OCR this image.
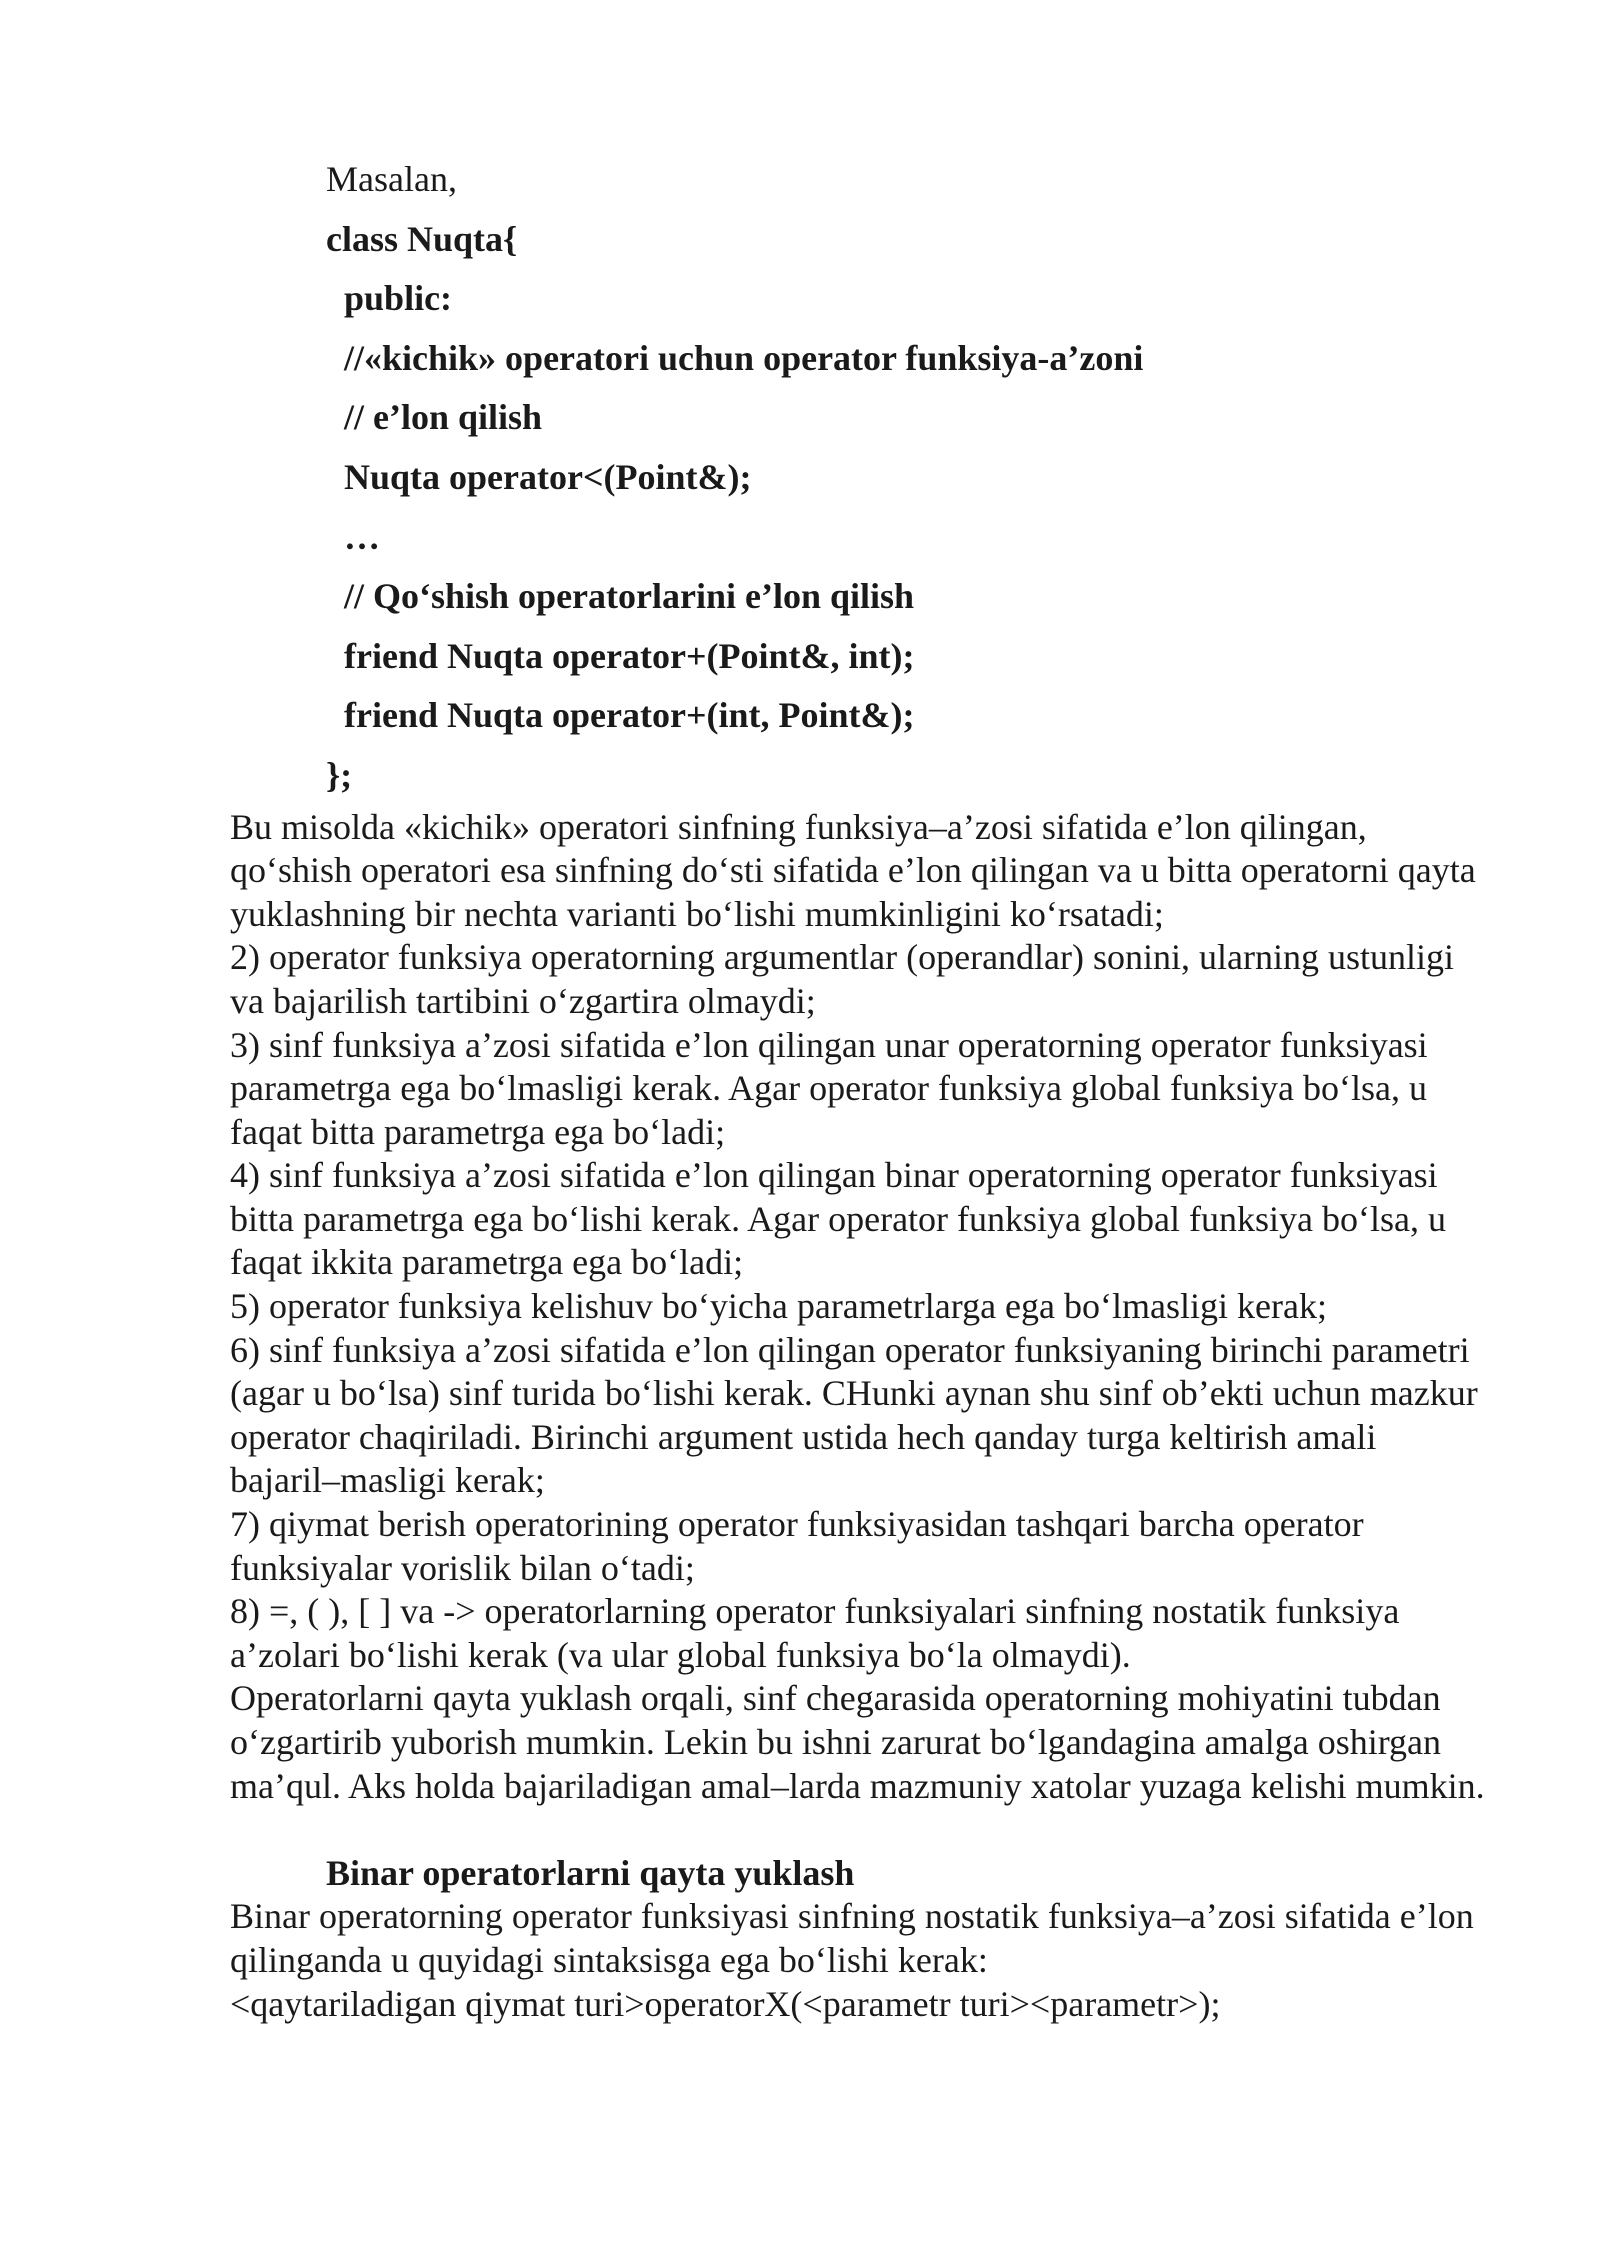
Masalan,
class Nuqta{
public:
//«kichik» operatori uchun operator funksiya-a’zoni
// e’lon qilish
Nuqta operator<(Point&);
…
// Qo‘shish operatorlarini e’lon qilish
friend Nuqta operator+(Point&, int);
friend Nuqta operator+(int, Point&);
};
Bu misolda «kichik» operatori sinfning funksiya–a’zosi sifatida e’lon qilingan, qo‘shish operatori esa sinfning do‘sti sifatida e’lon qilingan va u bitta operatorni qayta yuklashning bir nechta varianti bo‘lishi mumkinligini ko‘rsatadi;
2) operator funksiya operatorning argumentlar (operandlar) sonini, ularning ustunligi va bajarilish tartibini o‘zgartira olmaydi;
3) sinf funksiya a’zosi sifatida e’lon qilingan unar operatorning operator funksiyasi parametrga ega bo‘lmasligi kerak. Agar operator funksiya global funksiya bo‘lsa, u faqat bitta parametrga ega bo‘ladi;
4) sinf funksiya a’zosi sifatida e’lon qilingan binar operatorning operator funksiyasi bitta parametrga ega bo‘lishi kerak. Agar operator funksiya global funksiya bo‘lsa, u faqat ikkita parametrga ega bo‘ladi;
5) operator funksiya kelishuv bo‘yicha parametrlarga ega bo‘lmasligi kerak;
6) sinf funksiya a’zosi sifatida e’lon qilingan operator funksiyaning birinchi parametri (agar u bo‘lsa) sinf turida bo‘lishi kerak. CHunki aynan shu sinf ob’ekti uchun mazkur operator chaqiriladi. Birinchi argument ustida hech qanday turga keltirish amali bajaril–masligi kerak;
7) qiymat berish operatorining operator funksiyasidan tashqari barcha operator funksiyalar vorislik bilan o‘tadi;
8) =, ( ), [ ] va -> operatorlarning operator funksiyalari sinfning nostatik funksiya a’zolari bo‘lishi kerak (va ular global funksiya bo‘la olmaydi).
Operatorlarni qayta yuklash orqali, sinf chegarasida operatorning mohiyatini tubdan o‘zgartirib yuborish mumkin. Lekin bu ishni zarurat bo‘lgandagina amalga oshirgan ma’qul. Aks holda bajariladigan amal–larda mazmuniy xatolar yuzaga kelishi mumkin.
Binar operatorlarni qayta yuklash
Binar operatorning operator funksiyasi sinfning nostatik funksiya–a’zosi sifatida e’lon qilinganda u quyidagi sintaksisga ega bo‘lishi kerak:
<qaytariladigan qiymat turi>operatorX(<parametr turi><parametr>);
